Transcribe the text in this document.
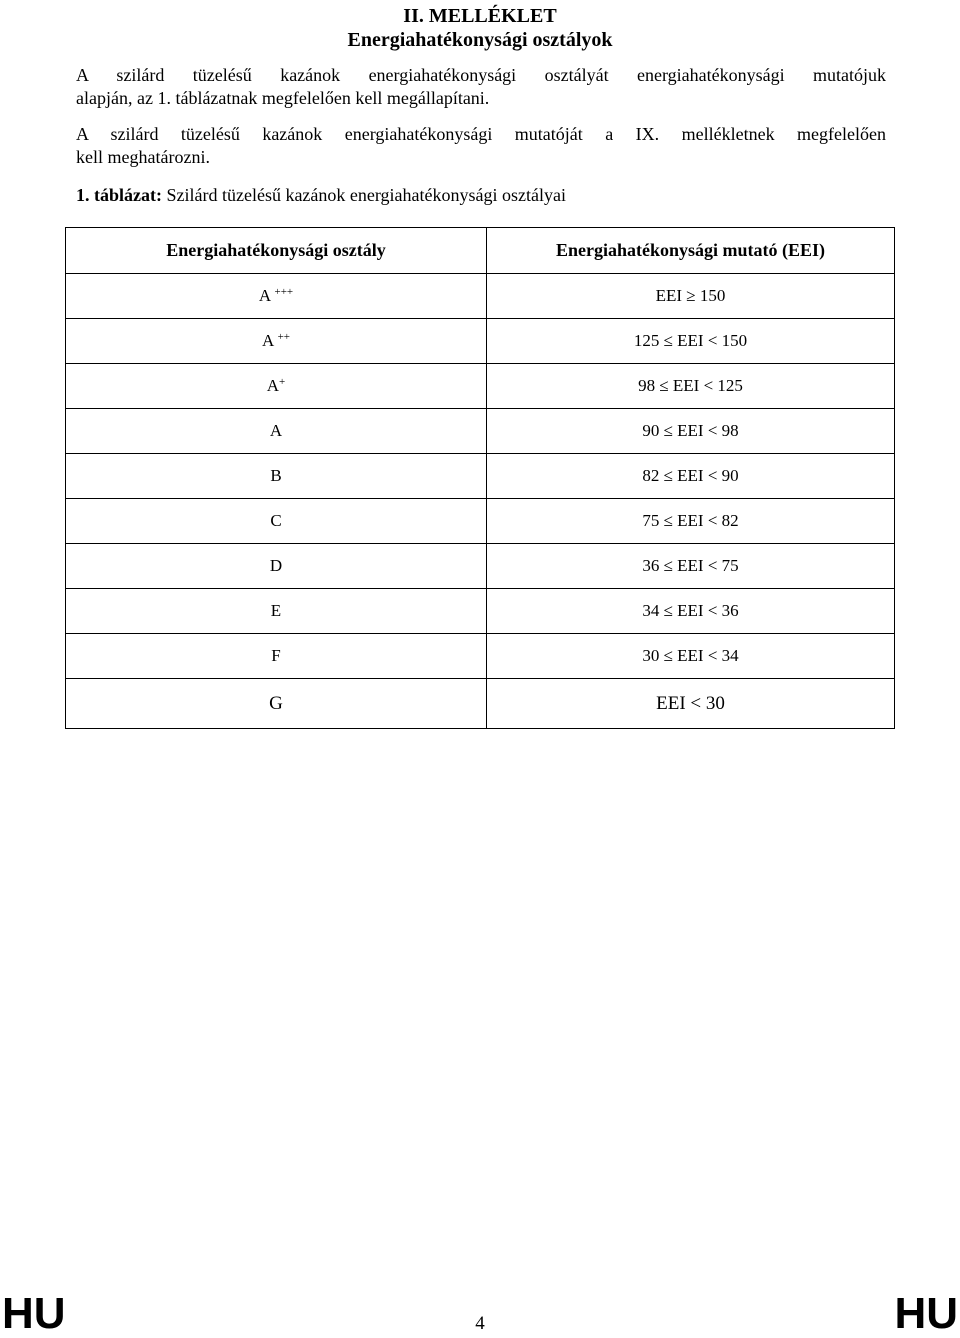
II. MELLÉKLET
Energiahatékonysági osztályok

A szilárd tüzelésű kazánok energiahatékonysági osztályát energiahatékonysági mutatójuk
alapján, az 1. táblázatnak megfelelően kell megállapítani.

A szilárd tüzelésű kazánok energiahatékonysági mutatóját a IX. mellékletnek megfelelően
kell meghatározni.

1. táblázat: Szilárd tüzelésű kazánok energiahatékonysági osztályai
Energiahatékonysági osztály	Energiahatékonysági mutató (EEI)
A +++	EEI ≥ 150
A ++	125 ≤ EEI < 150
A+	98 ≤ EEI < 125
A	90 ≤ EEI < 98
B	82 ≤ EEI < 90
C	75 ≤ EEI < 82
D	36 ≤ EEI < 75
E	34 ≤ EEI < 36
F	30 ≤ EEI < 34
G	EEI < 30
HU	4	HU
